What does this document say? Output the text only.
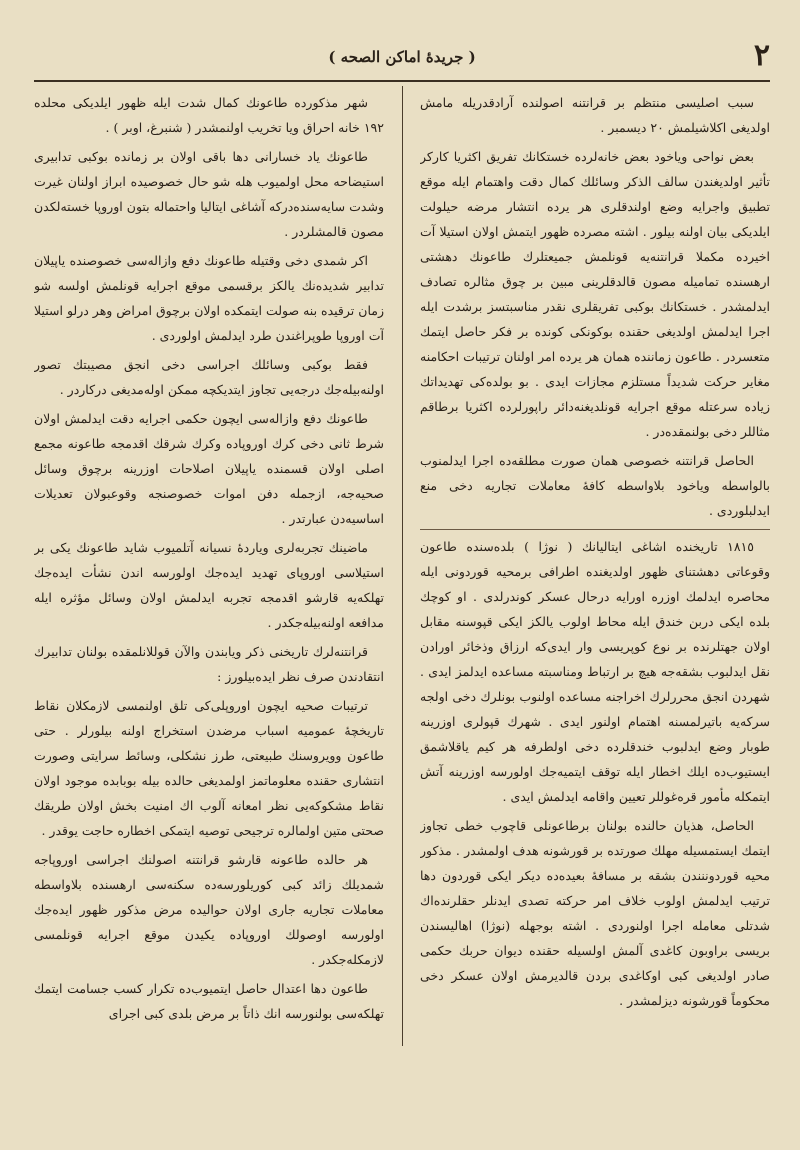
٢
( جريدۀ اماكن الصحه )

سبب اصليسى منتظم بر قرانتنه اصولنده آرادقدريله مامش اولديغى اكلاشيلمش ٢٠ ديسمبر .

بعض نواحى وياخود بعض خانه‌لرده خستكانك تفريق اكثريا كاركر تأثير اولديغندن سالف الذكر وسائلك كمال دقت واهتمام ايله موقع تطبيق واجرايه وضع اولندقلرى هر يرده انتشار مرضه حيلولت ايلديكى بيان اولنه بيلور . اشته مصرده ظهور ايتمش اولان استيلا آت اخيرده مكملا قرانتنه‌يه قونلمش جميعتلرك طاعونك دهشتى ارهسنده تماميله مصون قالدقلرينى مبين بر چوق مثالره تصادف ايدلمشدر . خستكانك بوكبى تفريقلرى نقدر مناسبتسز برشدت ايله اجرا ايدلمش اولديغى حقنده بوكونكى كونده بر فكر حاصل ايتمك متعسردر . طاعون زماننده همان هر يرده امر اولنان ترتيبات احكامنه مغاير حركت شديداً مستلزم مجازات ايدى . بو بولده‌كى تهديداتك زياده سرعتله موقع اجرايه قونلديغنه‌دائر راپورلرده اكثريا برطاقم مثاللر دخى بولنمقده‌در .

الحاصل قرانتنه خصوصى همان صورت مطلقه‌ده اجرا ايدلمنوب بالواسطه وياخود بلاواسطه كافۀ معاملات تجاريه دخى منع ايدلبلوردى .

١٨١٥ تاريخنده اشاغى ايتاليانك ( نوژا ) بلده‌سنده طاعون وقوعاتى دهشتناى ظهور اولديغنده اطرافى برمحيه قوردونى ايله محاصره ايدلمك اوزره اورايه درحال عسكر كوندرلدى . او كوچك بلده ايكى دربن خندق ايله محاط اولوب يالكز ايكى قپوسنه مقابل اولان جهتلرنده بر نوع كوپريسى وار ايدى‌كه ارزاق وذخائر اورادن نقل ايدلبوب بشقه‌جه هيچ بر ارتباط ومناسبته مساعده ايدلمز ايدى . شهردن انجق محررلرك اخراجنه مساعده اولنوب بونلرك دخى اولجه سركه‌يه باتيرلمسنه اهتمام اولنور ايدى . شهرك قپولرى اوزرينه طوبار وضع ايدلبوب خندقلرده دخى اولطرفه هر كيم ياقلاشمق ايستيوب‌ده ايلك اخطار ايله توقف ايتميه‌جك اولورسه اوزرينه آتش ايتمكله مأمور قره‌غوللر تعيين واقامه ايدلمش ايدى .

الحاصل، هذيان حالنده بولنان برطاعونلى قاچوب خطى تجاوز ايتمك ايستمسيله مهلك صورتده بر قورشونه هدف اولمشدر . مذكور محيه قوردوننندن بشقه بر مسافۀ بعيده‌ده ديكر ايكى قوردون دها ترتيب ايدلمش اولوب خلاف امر حركته تصدى ايدنلر حقلرنده‌اك شدتلى معامله اجرا اولنوردى . اشته بوجهله (نوژا) اهاليسندن بريسى براوبون كاغدى آلمش اولسيله حقنده ديوان حربك حكمى صادر اولديغى كبى اوكاغدى بردن قالديرمش اولان عسكر دخى محكوماً قورشونه ديزلمشدر .

شهر مذكورده طاعونك كمال شدت ايله ظهور ايلديكى محلده ١٩٢ خانه احراق ويا تخريب اولنمشدر ( شنبرغ، اوبر ) .

طاعونك ياد خسارانى دها باقى اولان بر زمانده بوكبى تدابيرى استيضاحه محل اولميوب هله شو حال خصوصيده ابراز اولنان غيرت وشدت سايه‌سنده‌دركه آشاغى ايتاليا واحتماله بتون اوروپا خسته‌لكدن مصون قالمشلردر .

اكر شمدى دخى وقتيله طاعونك دفع وازاله‌سى خصوصنده ياپيلان تدابير شديده‌نك يالكز برقسمى موقع اجرايه قونلمش اولسه شو زمان ترقيده بنه صولت ايتمكده اولان برچوق امراض وهر درلو استيلا آت اوروپا طوپراغندن طرد ايدلمش اولوردى .

فقط بوكبى وسائلك اجراسى دخى انجق مصيبتك تصور اولنه‌بيله‌جك درجه‌يى تجاوز ايتديكچه ممكن اوله‌مديغى دركاردر .

طاعونك دفع وازاله‌سى ايچون حكمى اجرايه دقت ايدلمش اولان شرط ثانى دخى كرك اوروپاده وكرك شرقك اقدمجه طاعونه مجمع اصلى اولان قسمنده ياپيلان اصلاحات اوزرينه برچوق وسائل صحيه‌جه، ازجمله دفن اموات خصوصنجه وقوعبولان تعديلات اساسيه‌دن عبارتدر .

ماضينك تجربه‌لرى وياردۀ نسيانه آتلميوب شايد طاعونك يكى بر استيلاسى اوروپاى تهديد ايده‌جك اولورسه اندن نشأت ايده‌جك تهلكه‌يه قارشو اقدمجه تجربه ايدلمش اولان وسائل مؤثره ايله مدافعه اولنه‌بيله‌جكدر .

قرانتنه‌لرك تاريخنى ذكر ويابندن والآن قوللانلمقده بولنان تدابيرك انتقادندن صرف نظر ايده‌بيلورز :

ترتيبات صحيه ايچون اوروپلى‌كى تلق اولنمسى لازمكلان نقاط تاريخچۀ عموميه اسباب مرضدن استخراج اولنه بيلورلر . حتى طاعون وويروسنك طبيعتى، طرز نشكلى، وسائط سرايتى وصورت انتشارى حقنده معلوماتمز اولمديغى حالده بيله بوبابده موجود اولان نقاط مشكوكه‌يى نظر امعانه آلوب اك امنيت بخش اولان طريقك صحتى متين اولمالره ترجيحى توصيه ايتمكى اخطاره حاجت يوقدر .

هر حالده طاعونه قارشو قرانتنه اصولنك اجراسى اوروپاجه شمديلك زائد كبى كوريلورسه‌ده سكنه‌سى ارهسنده بلاواسطه معاملات تجاريه جارى اولان حواليده مرض مذكور ظهور ايده‌جك اولورسه اوصولك اوروپاده يكيدن موقع اجرايه قونلمسى لازمكله‌جكدر .

طاعون دها اعتدال حاصل ايتميوب‌ده تكرار كسب جسامت ايتمك تهلكه‌سى بولنورسه انك ذاتاً بر مرض بلدى كبى اجراى
